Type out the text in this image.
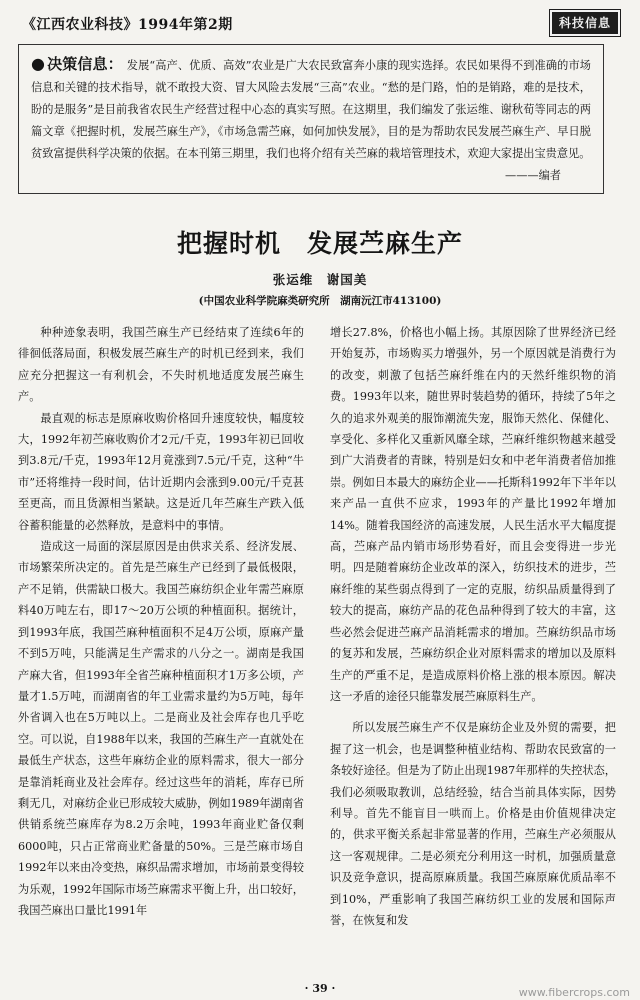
《江西农业科技》1994年第2期	科技信息
● 决策信息： 发展“高产、优质、高效”农业是广大农民致富奔小康的现实选择。农民如果得不到准确的市场信息和关键的技术指导，就不敢投大资、冒大风险去发展“三高”农业。“愁的是门路，怕的是销路，难的是技术，盼的是服务”是目前我省农民生产经营过程中心态的真实写照。在这期里，我们编发了张运维、谢秋荀等同志的两篇文章《把握时机，发展苎麻生产》，《市场急需苎麻，如何加快发展》，目的是为帮助农民发展苎麻生产、早日脱贫致富提供科学决策的依据。在本刊第三期里，我们也将介绍有关苎麻的栽培管理技术，欢迎大家提出宝贵意见。
———编者
把握时机　发展苎麻生产
张运维　谢国美
(中国农业科学院麻类研究所　湖南沅江市413100)

种种迹象表明，我国苎麻生产已经结束了连续6年的徘徊低落局面，积极发展苎麻生产的时机已经到来，我们应充分把握这一有利机会，不失时机地适度发展苎麻生产。

最直观的标志是原麻收购价格回升速度较快，幅度较大，1992年初苎麻收购价才2元/千克，1993年初已回收到3.8元/千克，1993年12月竟涨到7.5元/千克，这种“牛市”还将维持一段时间，估计近期内会涨到9.00元/千克甚至更高，而且货源相当紧缺。这是近几年苎麻生产跌入低谷蓄积能量的必然释放，是意料中的事情。

造成这一局面的深层原因是由供求关系、经济发展、市场繁荣所决定的。首先是苎麻生产已经到了最低极限，产不足销，供需缺口极大。我国苎麻纺织企业年需苎麻原料40万吨左右，即17～20万公顷的种植面积。据统计，到1993年底，我国苎麻种植面积不足4万公顷，原麻产量不到5万吨，只能满足生产需求的八分之一。湖南是我国产麻大省，但1993年全省苎麻种植面积才1万多公顷，产量才1.5万吨，而湖南省的年工业需求量约为5万吨，每年外省调入也在5万吨以上。二是商业及社会库存也几乎吃空。可以说，自1988年以来，我国的苎麻生产一直就处在最低生产状态，这些年麻纺企业的原料需求，很大一部分是靠消耗商业及社会库存。经过这些年的消耗，库存已所剩无几，对麻纺企业已形成较大威胁，例如1989年湖南省供销系统苎麻库存为8.2万余吨，1993年商业贮备仅剩6000吨，只占正常商业贮备量的50%。三是苎麻市场自1992年以来由冷变热，麻织品需求增加，市场前景变得较为乐观，1992年国际市场苎麻需求平衡上升，出口较好，我国苎麻出口量比1991年

增长27.8%，价格也小幅上扬。其原因除了世界经济已经开始复苏，市场购买力增强外，另一个原因就是消费行为的改变，刺激了包括苎麻纤维在内的天然纤维织物的消费。1993年以来，随世界时装趋势的循环，持续了5年之久的追求外观美的服饰潮流失宠，服饰天然化、保健化、享受化、多样化又重新风靡全球，苎麻纤维织物越来越受到广大消费者的青睐，特别是妇女和中老年消费者倍加推崇。例如日本最大的麻纺企业——托斯科1992年下半年以来产品一直供不应求，1993年的产量比1992年增加14%。随着我国经济的高速发展，人民生活水平大幅度提高，苎麻产品内销市场形势看好，而且会变得进一步光明。四是随着麻纺企业改革的深入，纺织技术的进步，苎麻纤维的某些弱点得到了一定的克服，纺织品质量得到了较大的提高，麻纺产品的花色品种得到了较大的丰富，这些必然会促进苎麻产品消耗需求的增加。苎麻纺织品市场的复苏和发展，苎麻纺织企业对原料需求的增加以及原料生产的严重不足，是造成原料价格上涨的根本原因。解决这一矛盾的途径只能靠发展苎麻原料生产。

所以发展苎麻生产不仅是麻纺企业及外贸的需要，把握了这一机会，也是调整种植业结构、帮助农民致富的一条较好途径。但是为了防止出现1987年那样的失控状态，我们必须吸取教训，总结经验，结合当前具体实际，因势利导。首先不能盲目一哄而上。价格是由价值规律决定的，供求平衡关系起非常显著的作用，苎麻生产必须服从这一客观规律。二是必须充分利用这一时机，加强质量意识及竞争意识，提高原麻质量。我国苎麻原麻优质品率不到10%，严重影响了我国苎麻纺织工业的发展和国际声誉，在恢复和发

· 39 ·	www.fibercrops.com
